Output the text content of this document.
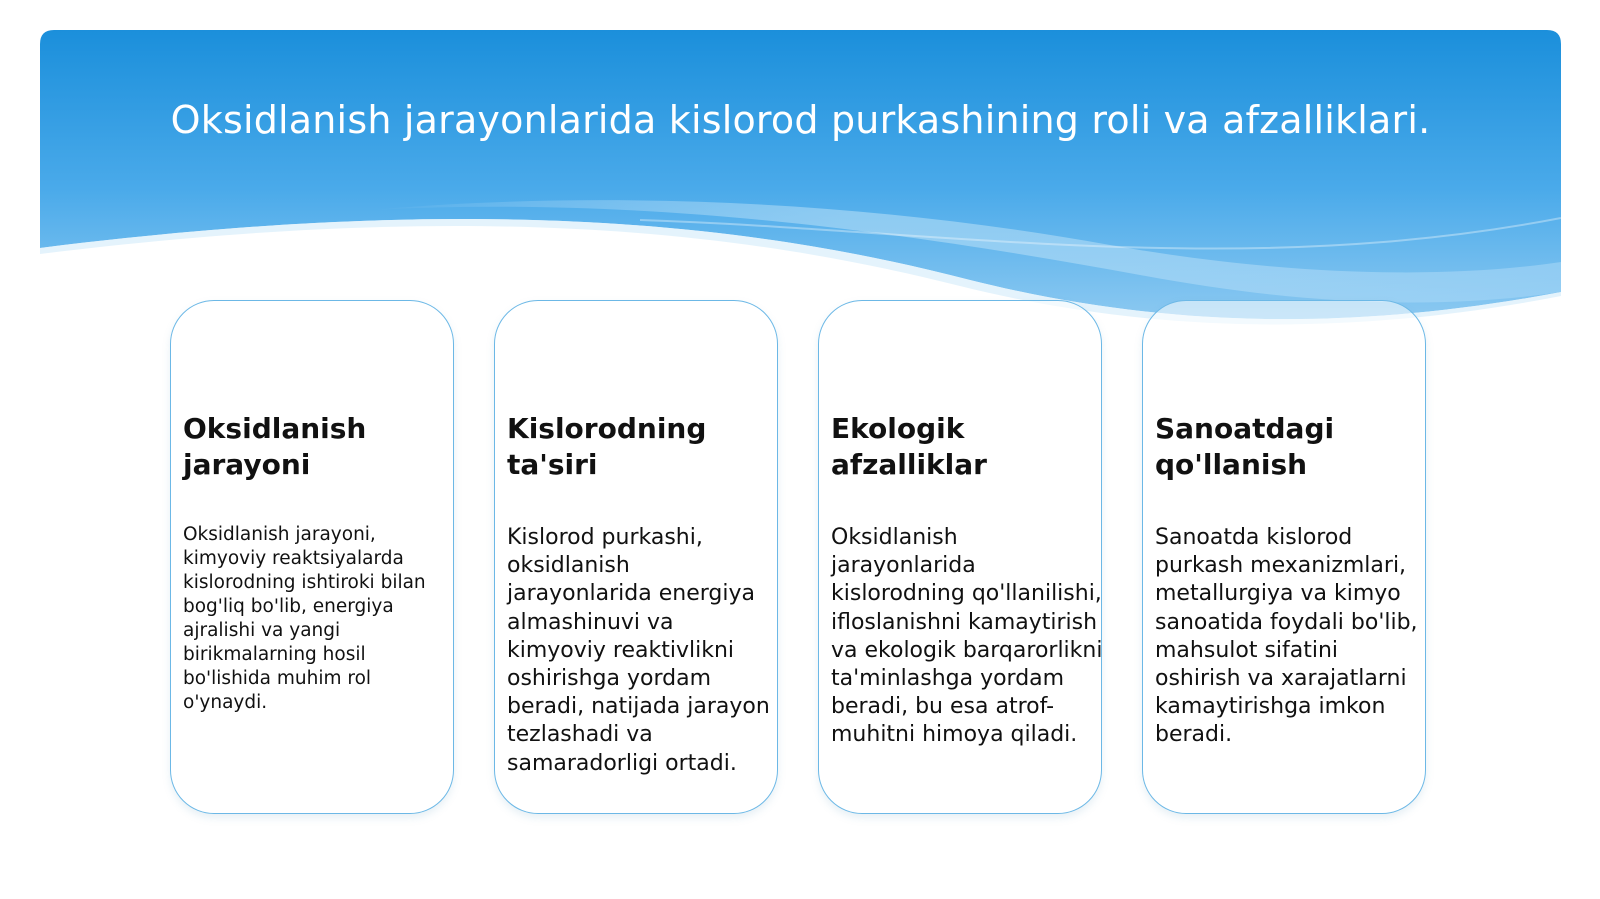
Oksidlanish jarayonlarida kislorod purkashining roli va afzalliklari.
Oksidlanish jarayoni

Oksidlanish jarayoni, kimyoviy reaktsiyalarda kislorodning ishtiroki bilan bog'liq bo'lib, energiya ajralishi va yangi birikmalarning hosil bo'lishida muhim rol o'ynaydi.

Kislorodning ta'siri

Kislorod purkashi, oksidlanish jarayonlarida energiya almashinuvi va kimyoviy reaktivlikni oshirishga yordam beradi, natijada jarayon tezlashadi va samaradorligi ortadi.

Ekologik afzalliklar

Oksidlanish jarayonlarida kislorodning qo'llanilishi, ifloslanishni kamaytirish va ekologik barqarorlikni ta'minlashga yordam beradi, bu esa atrof-muhitni himoya qiladi.

Sanoatdagi qo'llanish

Sanoatda kislorod purkash mexanizmlari, metallurgiya va kimyo sanoatida foydali bo'lib, mahsulot sifatini oshirish va xarajatlarni kamaytirishga imkon beradi.
